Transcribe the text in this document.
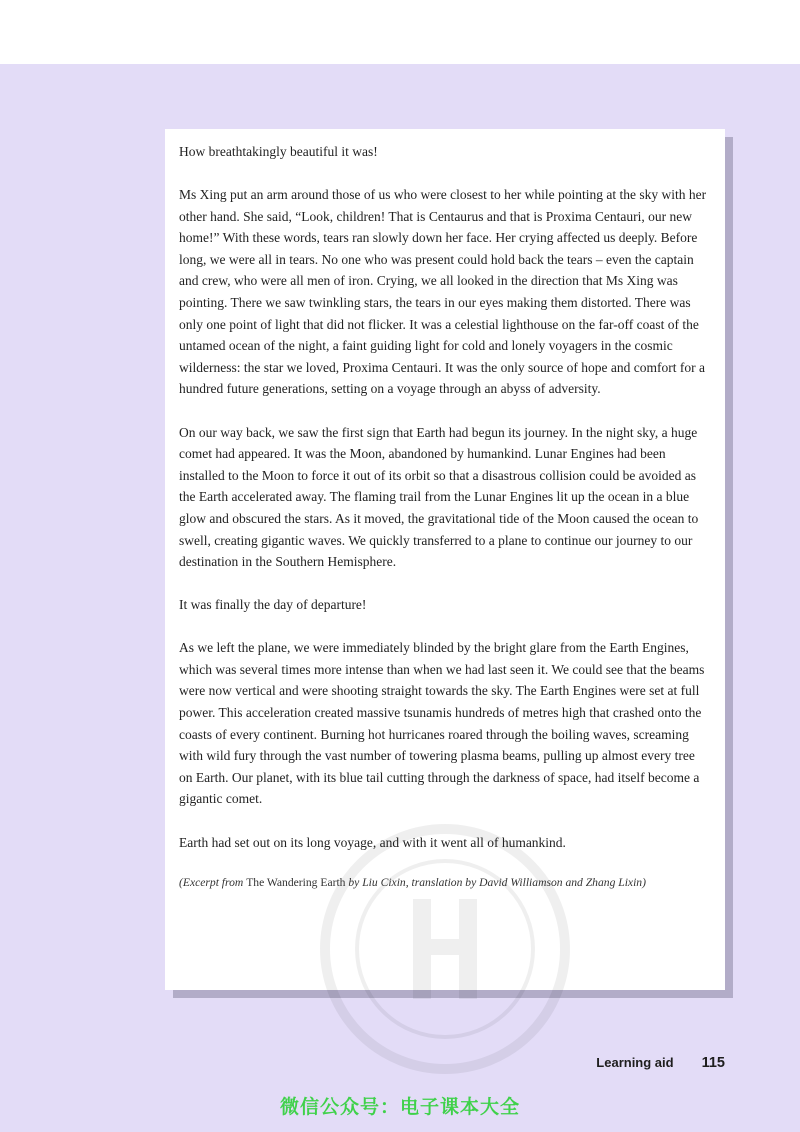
How breathtakingly beautiful it was!

Ms Xing put an arm around those of us who were closest to her while pointing at the sky with her other hand. She said, “Look, children! That is Centaurus and that is Proxima Centauri, our new home!” With these words, tears ran slowly down her face. Her crying affected us deeply. Before long, we were all in tears. No one who was present could hold back the tears – even the captain and crew, who were all men of iron. Crying, we all looked in the direction that Ms Xing was pointing. There we saw twinkling stars, the tears in our eyes making them distorted. There was only one point of light that did not flicker. It was a celestial lighthouse on the far-off coast of the untamed ocean of the night, a faint guiding light for cold and lonely voyagers in the cosmic wilderness: the star we loved, Proxima Centauri. It was the only source of hope and comfort for a hundred future generations, setting on a voyage through an abyss of adversity.

On our way back, we saw the first sign that Earth had begun its journey. In the night sky, a huge comet had appeared. It was the Moon, abandoned by humankind. Lunar Engines had been installed to the Moon to force it out of its orbit so that a disastrous collision could be avoided as the Earth accelerated away. The flaming trail from the Lunar Engines lit up the ocean in a blue glow and obscured the stars. As it moved, the gravitational tide of the Moon caused the ocean to swell, creating gigantic waves. We quickly transferred to a plane to continue our journey to our destination in the Southern Hemisphere.

It was finally the day of departure!

As we left the plane, we were immediately blinded by the bright glare from the Earth Engines, which was several times more intense than when we had last seen it. We could see that the beams were now vertical and were shooting straight towards the sky. The Earth Engines were set at full power. This acceleration created massive tsunamis hundreds of metres high that crashed onto the coasts of every continent. Burning hot hurricanes roared through the boiling waves, screaming with wild fury through the vast number of towering plasma beams, pulling up almost every tree on Earth. Our planet, with its blue tail cutting through the darkness of space, had itself become a gigantic comet.

Earth had set out on its long voyage, and with it went all of humankind.

(Excerpt from The Wandering Earth by Liu Cixin, translation by David Williamson and Zhang Lixin)

Learning aid 115
微信公众号：电子课本大全
